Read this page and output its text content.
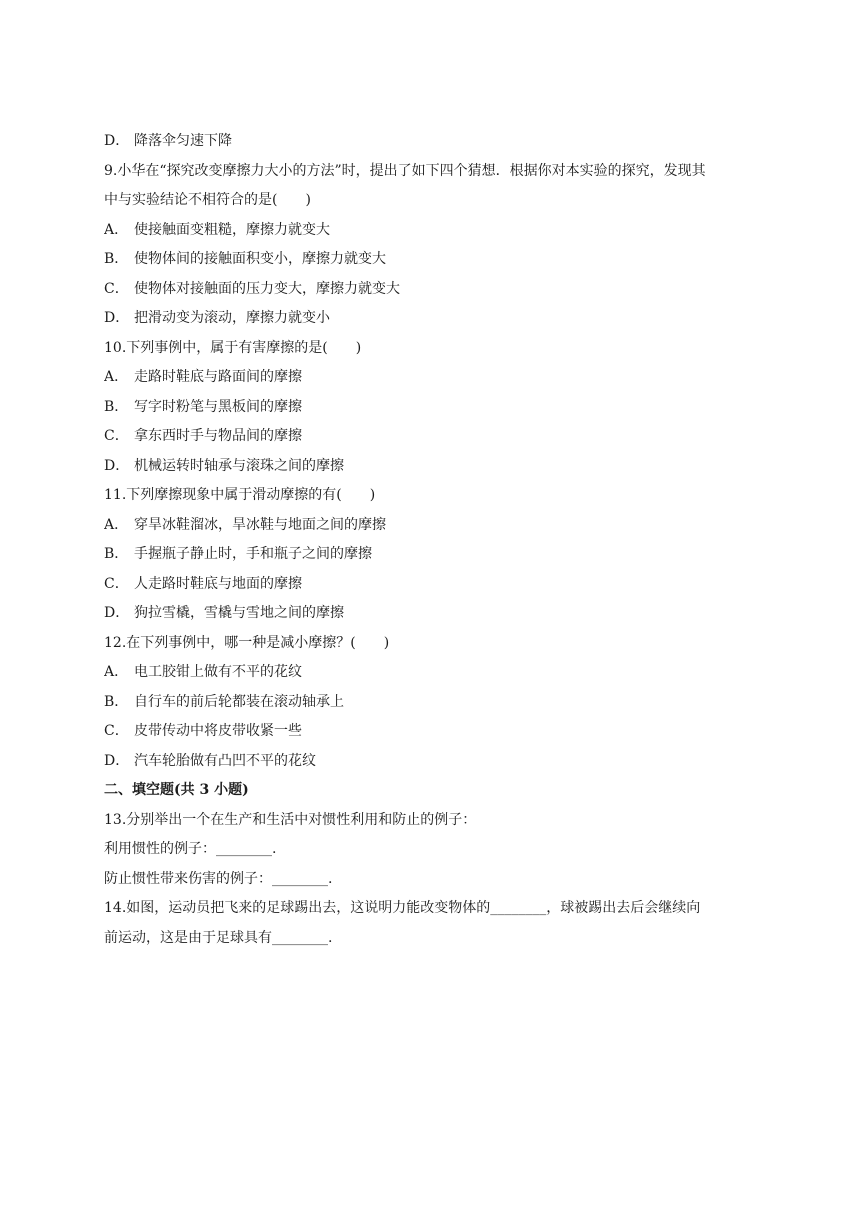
D． 降落伞匀速下降
9.小华在“探究改变摩擦力大小的方法”时，提出了如下四个猜想．根据你对本实验的探究，发现其
中与实验结论不相符合的是(　　)
A． 使接触面变粗糙，摩擦力就变大
B． 使物体间的接触面积变小，摩擦力就变大
C． 使物体对接触面的压力变大，摩擦力就变大
D． 把滑动变为滚动，摩擦力就变小
10.下列事例中，属于有害摩擦的是(　　)
A． 走路时鞋底与路面间的摩擦
B． 写字时粉笔与黑板间的摩擦
C． 拿东西时手与物品间的摩擦
D． 机械运转时轴承与滚珠之间的摩擦
11.下列摩擦现象中属于滑动摩擦的有(　　)
A． 穿旱冰鞋溜冰，旱冰鞋与地面之间的摩擦
B． 手握瓶子静止时，手和瓶子之间的摩擦
C． 人走路时鞋底与地面的摩擦
D． 狗拉雪橇，雪橇与雪地之间的摩擦
12.在下列事例中，哪一种是减小摩擦？(　　)
A． 电工胶钳上做有不平的花纹
B． 自行车的前后轮都装在滚动轴承上
C． 皮带传动中将皮带收紧一些
D． 汽车轮胎做有凸凹不平的花纹
二、填空题(共 3 小题)
13.分别举出一个在生产和生活中对惯性利用和防止的例子：
利用惯性的例子：________.
防止惯性带来伤害的例子：________.
14.如图，运动员把飞来的足球踢出去，这说明力能改变物体的________，球被踢出去后会继续向
前运动，这是由于足球具有________.
